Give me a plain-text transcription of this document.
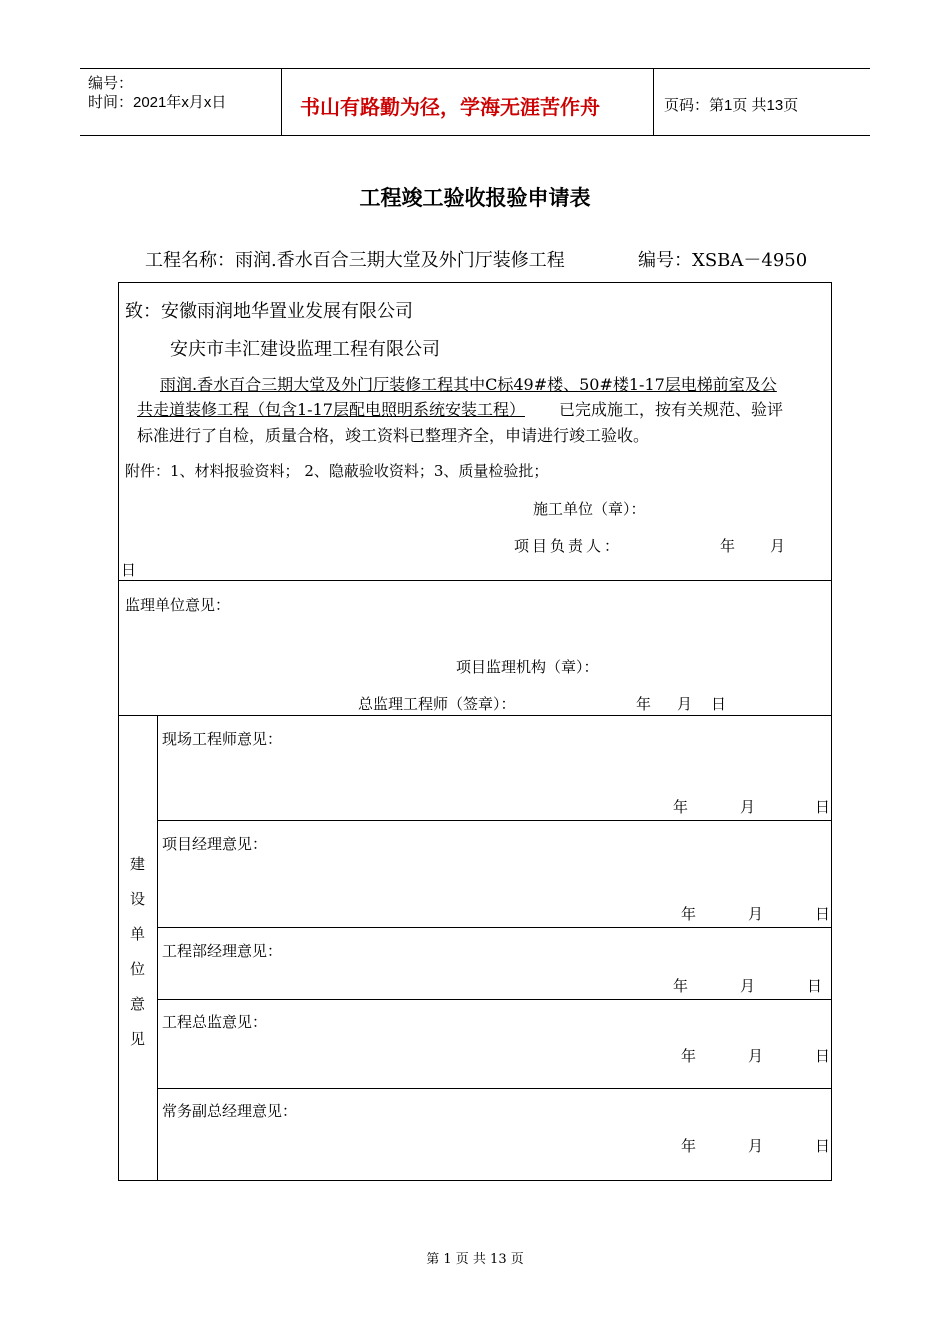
编号：
时间：2021年x月x日	书山有路勤为径，学海无涯苦作舟	页码：第1页 共13页
工程竣工验收报验申请表
工程名称：雨润.香水百合三期大堂及外门厅装修工程	编号：XSBA－4950
致：安徽雨润地华置业发展有限公司
安庆市丰汇建设监理工程有限公司
雨润.香水百合三期大堂及外门厅装修工程其中C标49#楼、50#楼1-17层电梯前室及公
共走道装修工程（包含1-17层配电照明系统安装工程） 已完成施工，按有关规范、验评
标准进行了自检，质量合格，竣工资料已整理齐全，申请进行竣工验收。
附件：1、材料报验资料； 2、隐蔽验收资料；3、质量检验批；
施工单位（章）：
项目负责人：	年 月
日
监理单位意见：
项目监理机构（章）：
总监理工程师（签章）：	年 月 日
建
设
单
位
意
见
现场工程师意见：
年	月	日
项目经理意见：
年	月	日
工程部经理意见：
年	月	日
工程总监意见：
年	月	日
常务副总经理意见：
年	月	日
第 1 页 共 13 页
